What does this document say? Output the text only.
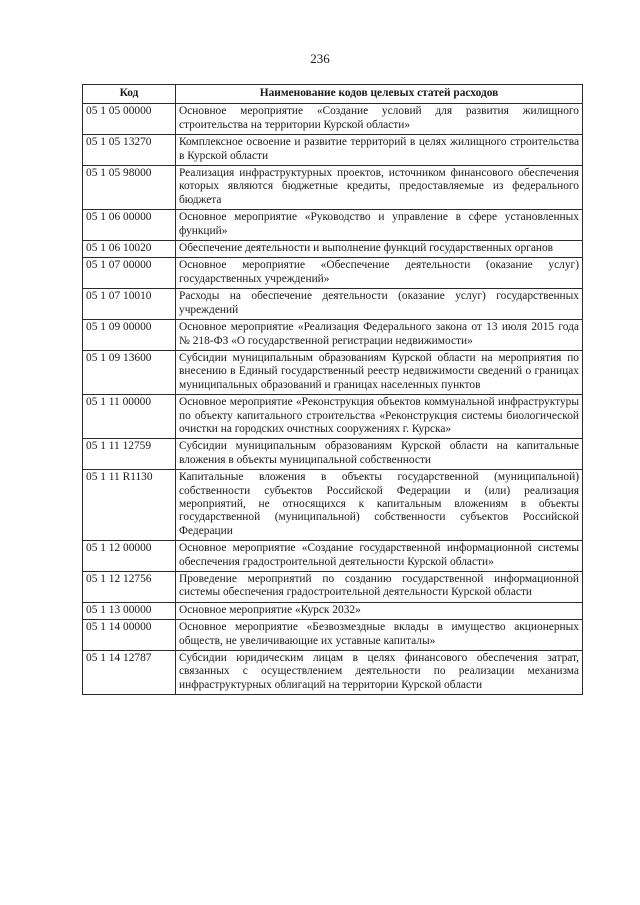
236
Код	Наименование кодов целевых статей расходов
05 1 05 00000	Основное мероприятие «Создание условий для развития жилищного строительства на территории Курской области»
05 1 05 13270	Комплексное освоение и развитие территорий в целях жилищного строительства в Курской области
05 1 05 98000	Реализация инфраструктурных проектов, источником финансового обеспечения которых являются бюджетные кредиты, предоставляемые из федерального бюджета
05 1 06 00000	Основное мероприятие «Руководство и управление в сфере установленных функций»
05 1 06 10020	Обеспечение деятельности и выполнение функций государственных органов
05 1 07 00000	Основное мероприятие «Обеспечение деятельности (оказание услуг) государственных учреждений»
05 1 07 10010	Расходы на обеспечение деятельности (оказание услуг) государственных учреждений
05 1 09 00000	Основное мероприятие «Реализация Федерального закона от 13 июля 2015 года № 218-ФЗ «О государственной регистрации недвижимости»
05 1 09 13600	Субсидии муниципальным образованиям Курской области на мероприятия по внесению в Единый государственный реестр недвижимости сведений о границах муниципальных образований и границах населенных пунктов
05 1 11 00000	Основное мероприятие «Реконструкция объектов коммунальной инфраструктуры по объекту капитального строительства «Реконструкция системы биологической очистки на городских очистных сооружениях г. Курска»
05 1 11 12759	Субсидии муниципальным образованиям Курской области на капитальные вложения в объекты муниципальной собственности
05 1 11 R1130	Капитальные вложения в объекты государственной (муниципальной) собственности субъектов Российской Федерации и (или) реализация мероприятий, не относящихся к капитальным вложениям в объекты государственной (муниципальной) собственности субъектов Российской Федерации
05 1 12 00000	Основное мероприятие «Создание государственной информационной системы обеспечения градостроительной деятельности Курской области»
05 1 12 12756	Проведение мероприятий по созданию государственной информационной системы обеспечения градостроительной деятельности Курской области
05 1 13 00000	Основное мероприятие «Курск 2032»
05 1 14 00000	Основное мероприятие «Безвозмездные вклады в имущество акционерных обществ, не увеличивающие их уставные капиталы»
05 1 14 12787	Субсидии юридическим лицам в целях финансового обеспечения затрат, связанных с осуществлением деятельности по реализации механизма инфраструктурных облигаций на территории Курской области
